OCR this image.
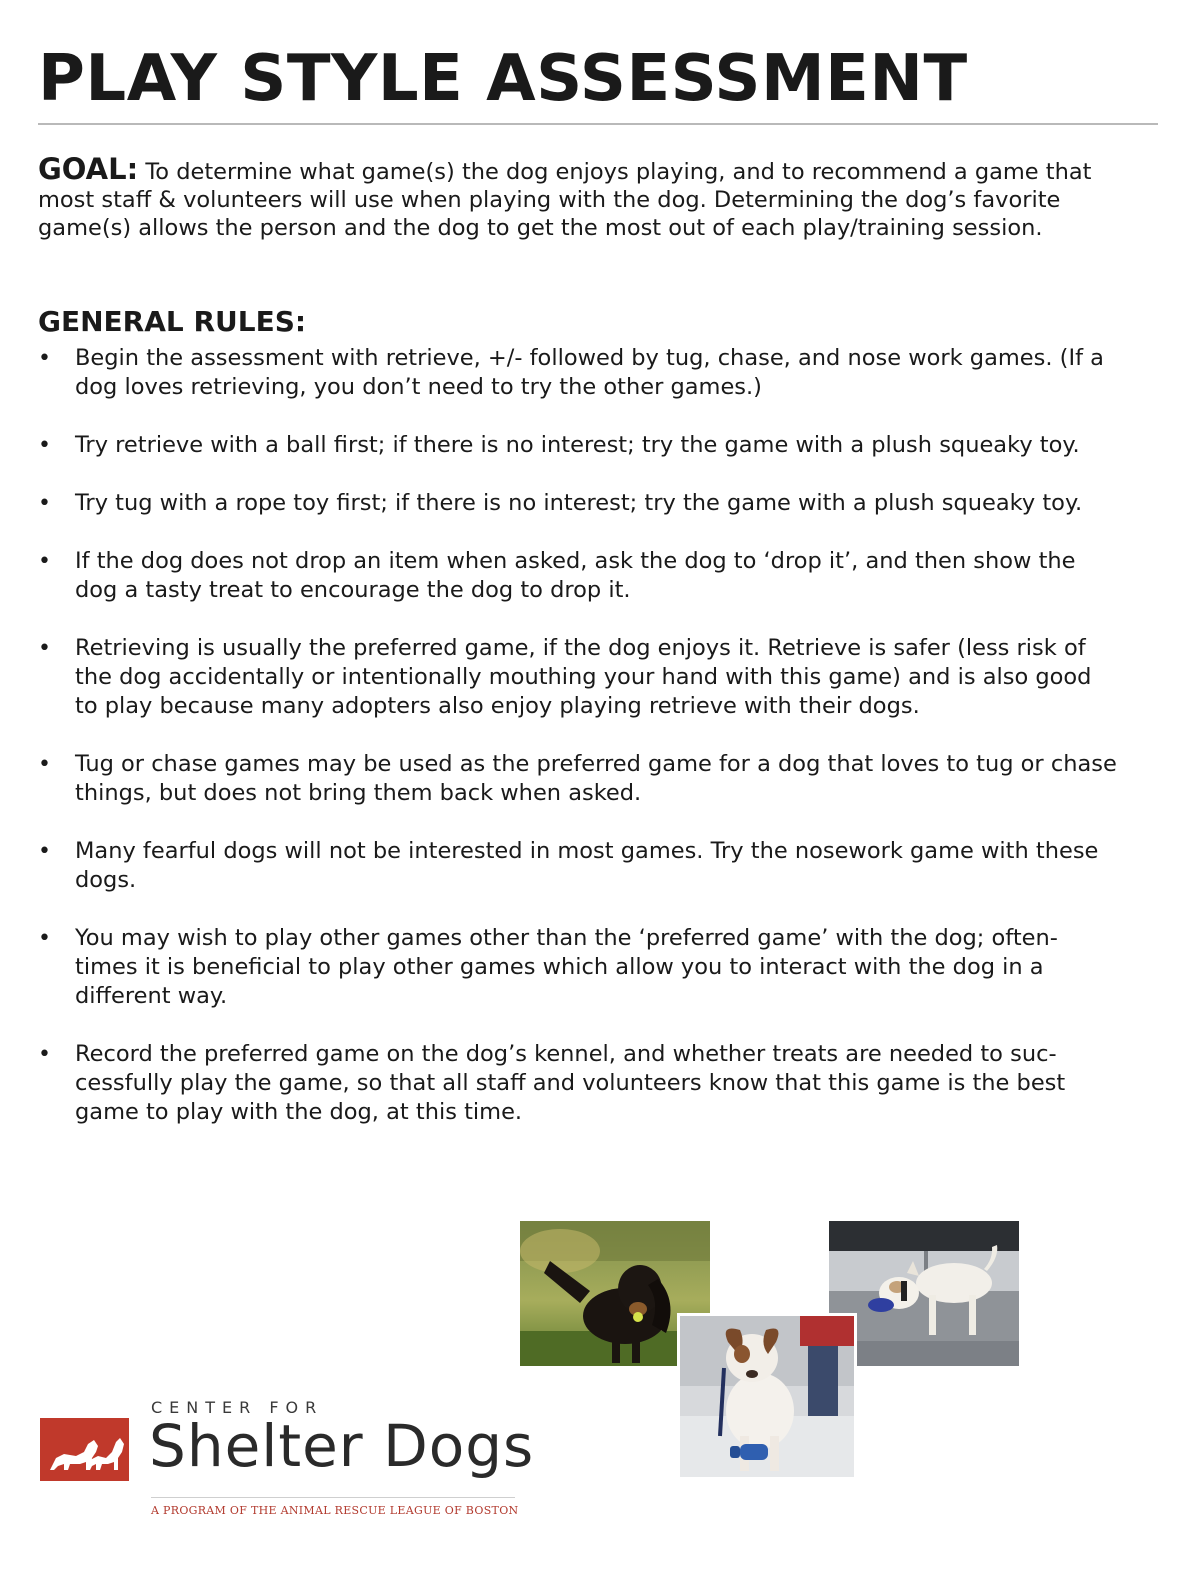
PLAY STYLE ASSESSMENT

GOAL: To determine what game(s) the dog enjoys playing, and to recommend a game that most staff & volunteers will use when playing with the dog. Determining the dog’s favorite game(s) allows the person and the dog to get the most out of each play/training session.

GENERAL RULES:
• Begin the assessment with retrieve, +/- followed by tug, chase, and nose work games. (If a dog loves retrieving, you don’t need to try the other games.)
• Try retrieve with a ball first; if there is no interest; try the game with a plush squeaky toy.
• Try tug with a rope toy first; if there is no interest; try the game with a plush squeaky toy.
• If the dog does not drop an item when asked, ask the dog to ‘drop it’, and then show the dog a tasty treat to encourage the dog to drop it.
• Retrieving is usually the preferred game, if the dog enjoys it. Retrieve is safer (less risk of the dog accidentally or intentionally mouthing your hand with this game) and is also good to play because many adopters also enjoy playing retrieve with their dogs.
• Tug or chase games may be used as the preferred game for a dog that loves to tug or chase things, but does not bring them back when asked.
• Many fearful dogs will not be interested in most games. Try the nosework game with these dogs.
• You may wish to play other games other than the ‘preferred game’ with the dog; often-times it is beneficial to play other games which allow you to interact with the dog in a different way.
• Record the preferred game on the dog’s kennel, and whether treats are needed to suc-cessfully play the game, so that all staff and volunteers know that this game is the best game to play with the dog, at this time.

CENTER FOR

Shelter Dogs

A PROGRAM OF THE ANIMAL RESCUE LEAGUE OF BOSTON
